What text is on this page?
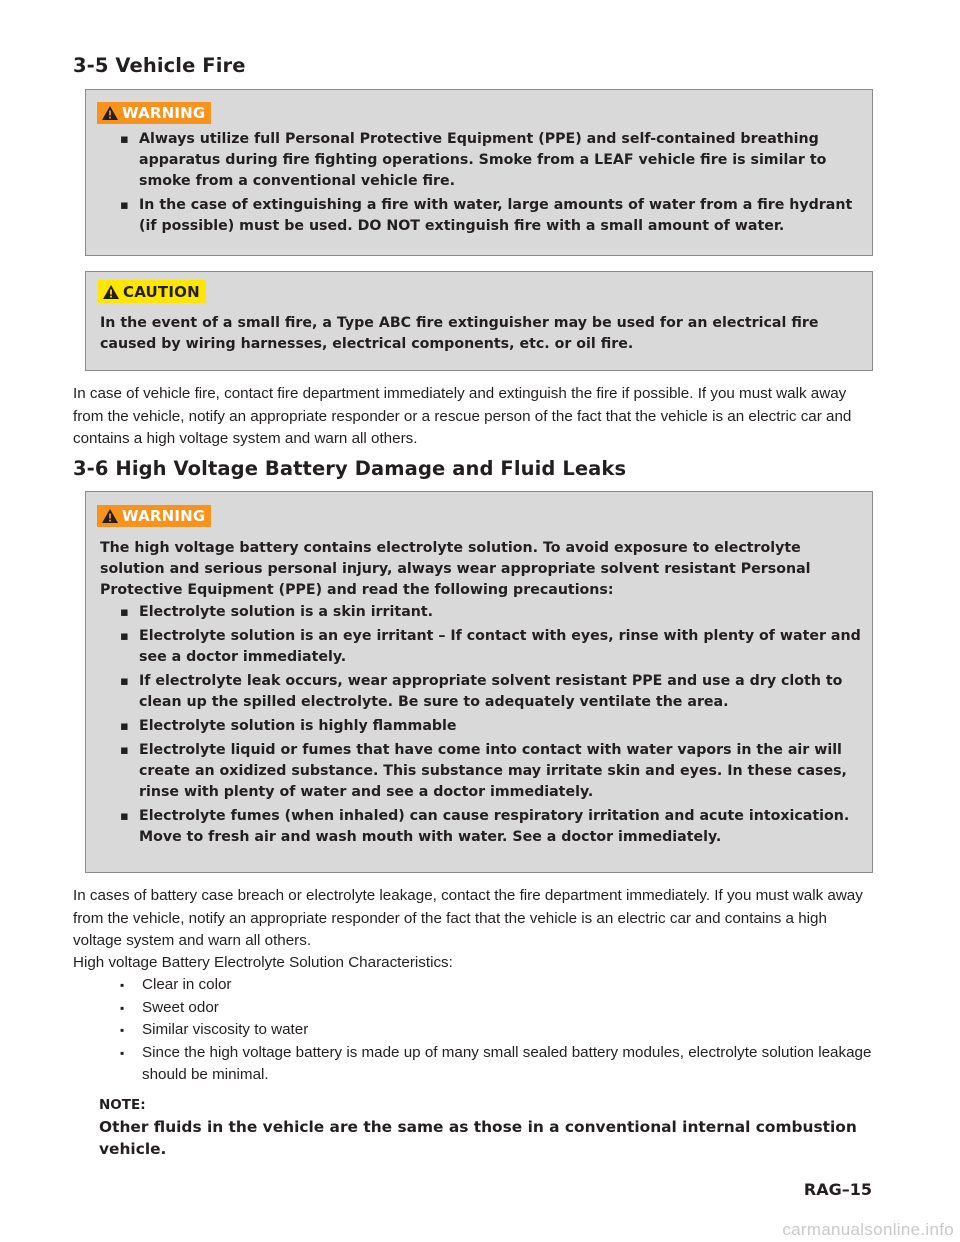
3-5 Vehicle Fire
WARNING
▪ Always utilize full Personal Protective Equipment (PPE) and self-contained breathing apparatus during fire fighting operations. Smoke from a LEAF vehicle fire is similar to smoke from a conventional vehicle fire.
▪ In the case of extinguishing a fire with water, large amounts of water from a fire hydrant (if possible) must be used. DO NOT extinguish fire with a small amount of water.
CAUTION
In the event of a small fire, a Type ABC fire extinguisher may be used for an electrical fire caused by wiring harnesses, electrical components, etc. or oil fire.

In case of vehicle fire, contact fire department immediately and extinguish the fire if possible. If you must walk away from the vehicle, notify an appropriate responder or a rescue person of the fact that the vehicle is an electric car and contains a high voltage system and warn all others.

3-6 High Voltage Battery Damage and Fluid Leaks
WARNING
The high voltage battery contains electrolyte solution. To avoid exposure to electrolyte solution and serious personal injury, always wear appropriate solvent resistant Personal Protective Equipment (PPE) and read the following precautions:
▪ Electrolyte solution is a skin irritant.
▪ Electrolyte solution is an eye irritant – If contact with eyes, rinse with plenty of water and see a doctor immediately.
▪ If electrolyte leak occurs, wear appropriate solvent resistant PPE and use a dry cloth to clean up the spilled electrolyte. Be sure to adequately ventilate the area.
▪ Electrolyte solution is highly flammable
▪ Electrolyte liquid or fumes that have come into contact with water vapors in the air will create an oxidized substance. This substance may irritate skin and eyes. In these cases, rinse with plenty of water and see a doctor immediately.
▪ Electrolyte fumes (when inhaled) can cause respiratory irritation and acute intoxication. Move to fresh air and wash mouth with water. See a doctor immediately.

In cases of battery case breach or electrolyte leakage, contact the fire department immediately. If you must walk away from the vehicle, notify an appropriate responder of the fact that the vehicle is an electric car and contains a high voltage system and warn all others.

High voltage Battery Electrolyte Solution Characteristics:

▪ Clear in color
▪ Sweet odor
▪ Similar viscosity to water
▪ Since the high voltage battery is made up of many small sealed battery modules, electrolyte solution leakage should be minimal.
NOTE:
Other fluids in the vehicle are the same as those in a conventional internal combustion vehicle.
RAG–15
carmanualsonline.info
